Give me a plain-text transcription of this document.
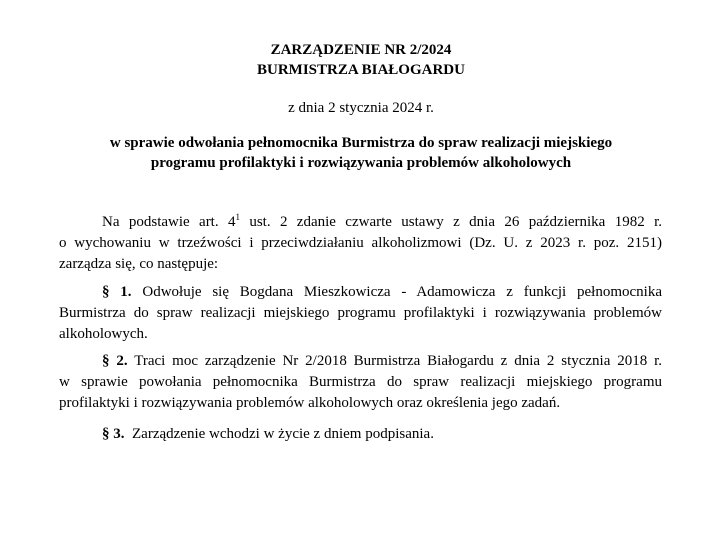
ZARZĄDZENIE NR 2/2024
BURMISTRZA BIAŁOGARDU
z dnia 2 stycznia 2024 r.
w sprawie odwołania pełnomocnika Burmistrza do spraw realizacji miejskiego
programu profilaktyki i rozwiązywania problemów alkoholowych
Na podstawie art. $4^1$ ust. 2 zdanie czwarte ustawy z dnia 26 października 1982 r.
o wychowaniu w trzeźwości i przeciwdziałaniu alkoholizmowi (Dz. U. z 2023 r. poz. 2151)
zarządza się, co następuje:
§ 1. Odwołuje się Bogdana Mieszkowicza - Adamowicza z funkcji pełnomocnika
Burmistrza do spraw realizacji miejskiego programu profilaktyki i rozwiązywania problemów
alkoholowych.
§ 2. Traci moc zarządzenie Nr 2/2018 Burmistrza Białogardu z dnia 2 stycznia 2018 r.
w sprawie powołania pełnomocnika Burmistrza do spraw realizacji miejskiego programu
profilaktyki i rozwiązywania problemów alkoholowych oraz określenia jego zadań.
§ 3.  Zarządzenie wchodzi w życie z dniem podpisania.
